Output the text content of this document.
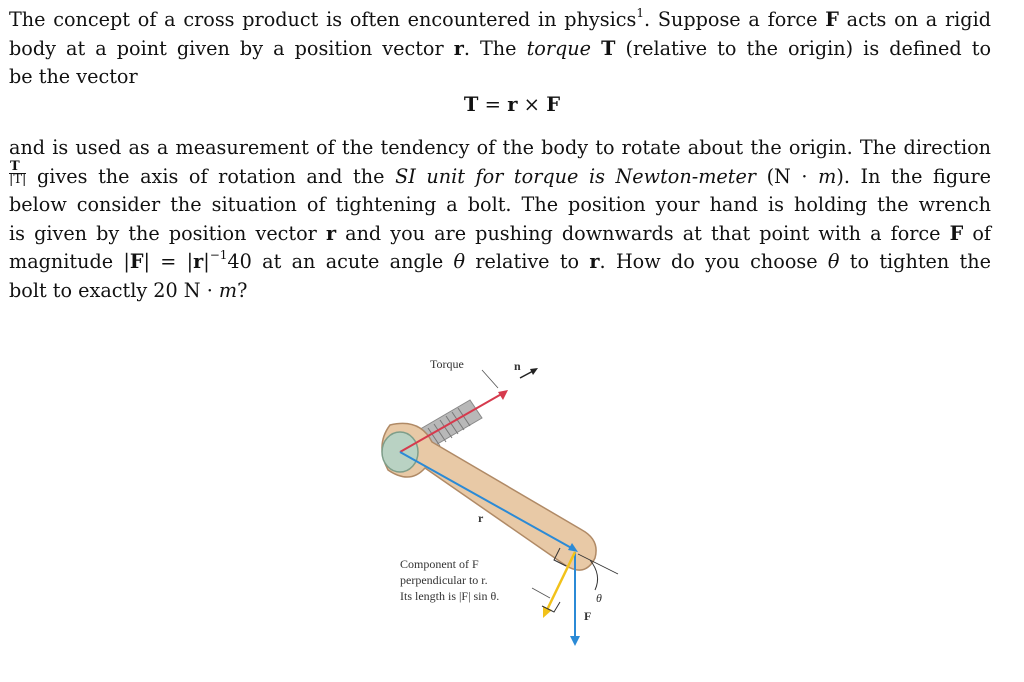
The concept of a cross product is often encountered in physics$^1$. Suppose a force F acts on a rigid
body at a point given by a position vector r. The torque T (relative to the origin) is defined to
be the vector
T = r × F
and is used as a measurement of the tendency of the body to rotate about the origin. The direction
$\frac{T}{|T|}$ gives the axis of rotation and the SI unit for torque is Newton-meter (N · m). In the figure
below consider the situation of tightening a bolt. The position your hand is holding the wrench
is given by the position vector r and you are pushing downwards at that point with a force F of
magnitude $|F| = |r|^{-1}40$ at an acute angle θ relative to r. How do you choose θ to tighten the
bolt to exactly 20 N · m?
Torque	n
r
Component of F
perpendicular to r.
Its length is |F| sin θ.	θ
F
